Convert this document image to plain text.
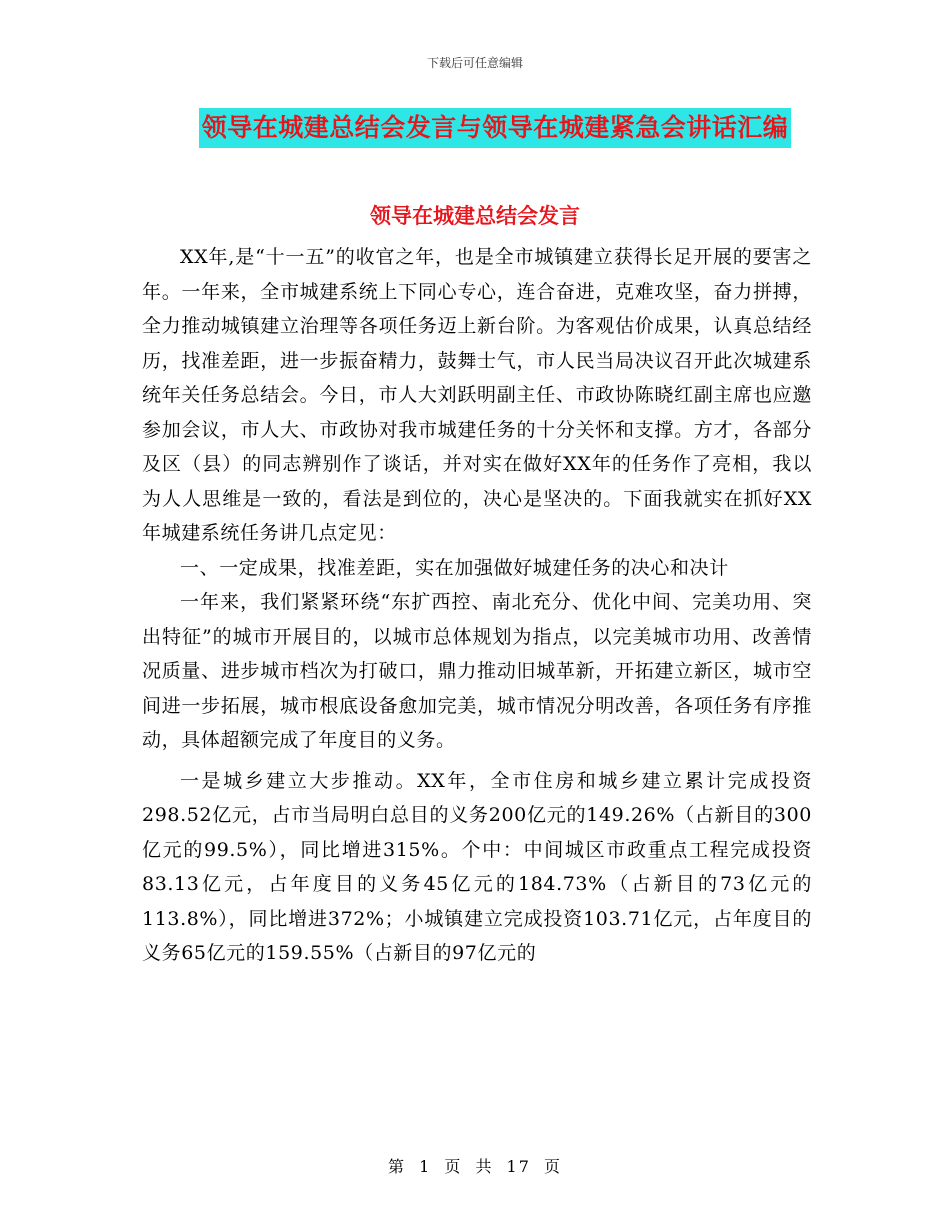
下载后可任意编辑
领导在城建总结会发言与领导在城建紧急会讲话汇编
领导在城建总结会发言

XX年,是“十一五”的收官之年，也是全市城镇建立获得长足开展的要害之年。一年来，全市城建系统上下同心专心，连合奋进，克难攻坚，奋力拼搏，全力推动城镇建立治理等各项任务迈上新台阶。为客观估价成果，认真总结经历，找准差距，进一步振奋精力，鼓舞士气，市人民当局决议召开此次城建系统年关任务总结会。今日，市人大刘跃明副主任、市政协陈晓红副主席也应邀参加会议，市人大、市政协对我市城建任务的十分关怀和支撑。方才，各部分及区（县）的同志辨别作了谈话，并对实在做好XX年的任务作了亮相，我以为人人思维是一致的，看法是到位的，决心是坚决的。下面我就实在抓好XX年城建系统任务讲几点定见：

一、一定成果，找准差距，实在加强做好城建任务的决心和决计

一年来，我们紧紧环绕“东扩西控、南北充分、优化中间、完美功用、突出特征”的城市开展目的，以城市总体规划为指点，以完美城市功用、改善情况质量、进步城市档次为打破口，鼎力推动旧城革新，开拓建立新区，城市空间进一步拓展，城市根底设备愈加完美，城市情况分明改善，各项任务有序推动，具体超额完成了年度目的义务。

一是城乡建立大步推动。XX年，全市住房和城乡建立累计完成投资298.52亿元，占市当局明白总目的义务200亿元的149.26%（占新目的300亿元的99.5%），同比增进315%。个中：中间城区市政重点工程完成投资83.13亿元，占年度目的义务45亿元的184.73%（占新目的73亿元的113.8%），同比增进372%；小城镇建立完成投资103.71亿元，占年度目的义务65亿元的159.55%（占新目的97亿元的

第 1 页 共 17 页
